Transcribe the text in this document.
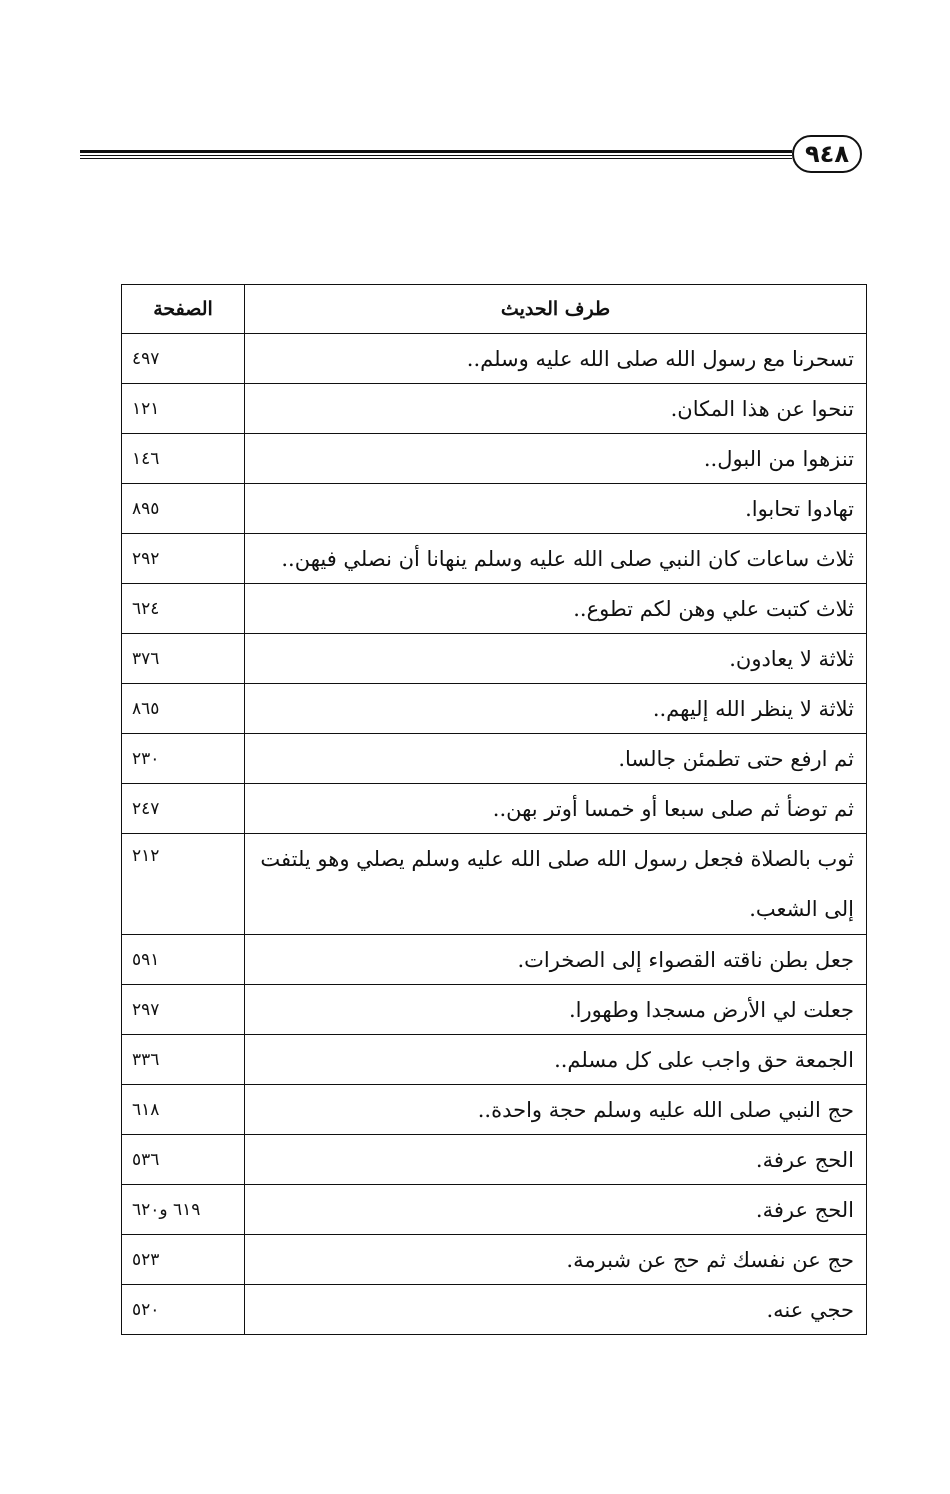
٩٤٨
طرف الحديث	الصفحة
تسحرنا مع رسول الله صلى الله عليه وسلم..	٤٩٧
تنحوا عن هذا المكان.	١٢١
تنزهوا من البول..	١٤٦
تهادوا تحابوا.	٨٩٥
ثلاث ساعات كان النبي صلى الله عليه وسلم ينهانا أن نصلي فيهن..	٢٩٢
ثلاث كتبت علي وهن لكم تطوع..	٦٢٤
ثلاثة لا يعادون.	٣٧٦
ثلاثة لا ينظر الله إليهم..	٨٦٥
ثم ارفع حتى تطمئن جالسا.	٢٣٠
ثم توضأ ثم صلى سبعا أو خمسا أوتر بهن..	٢٤٧
ثوب بالصلاة فجعل رسول الله صلى الله عليه وسلم يصلي وهو يلتفت إلى الشعب.	٢١٢
جعل بطن ناقته القصواء إلى الصخرات.	٥٩١
جعلت لي الأرض مسجدا وطهورا.	٢٩٧
الجمعة حق واجب على كل مسلم..	٣٣٦
حج النبي صلى الله عليه وسلم حجة واحدة..	٦١٨
الحج عرفة.	٥٣٦
الحج عرفة.	٦١٩ و٦٢٠
حج عن نفسك ثم حج عن شبرمة.	٥٢٣
حجي عنه.	٥٢٠
